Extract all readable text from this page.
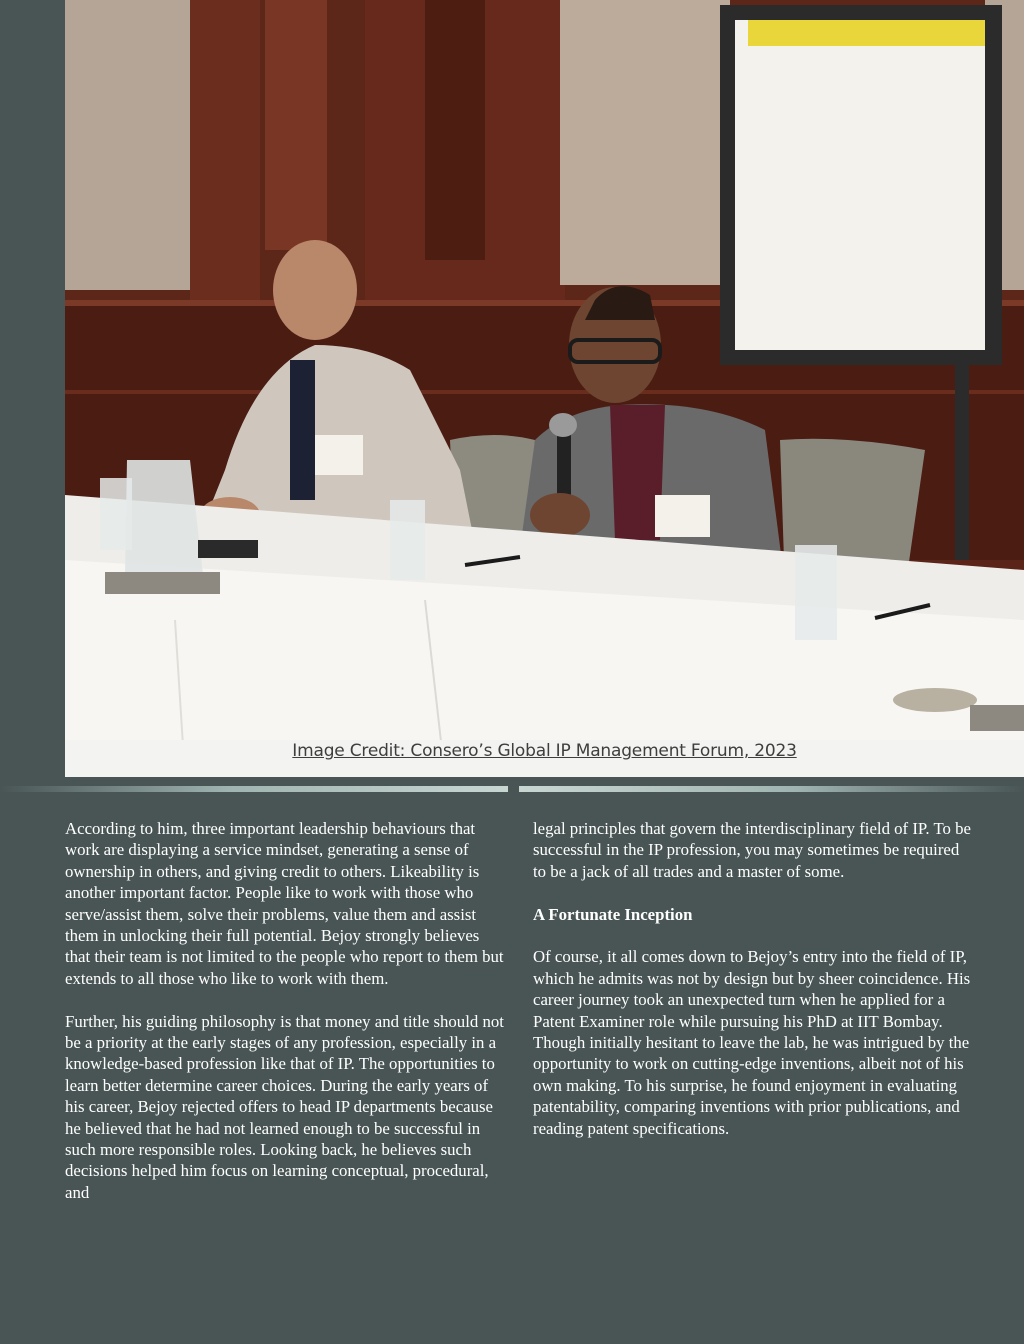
Image Credit: Consero’s Global IP Management Forum, 2023

According to him, three important leadership behaviours that work are displaying a service mindset, generating a sense of ownership in others, and giving credit to others. Likeability is another important factor. People like to work with those who serve/assist them, solve their problems, value them and assist them in unlocking their full potential. Bejoy strongly believes that their team is not limited to the people who report to them but extends to all those who like to work with them.

Further, his guiding philosophy is that money and title should not be a priority at the early stages of any profession, especially in a knowledge-based profession like that of IP. The opportunities to learn better determine career choices. During the early years of his career, Bejoy rejected offers to head IP departments because he believed that he had not learned enough to be successful in such more responsible roles. Looking back, he believes such decisions helped him focus on learning conceptual, procedural, and

legal principles that govern the interdisciplinary field of IP. To be successful in the IP profession, you may sometimes be required to be a jack of all trades and a master of some.

A Fortunate Inception

Of course, it all comes down to Bejoy’s entry into the field of IP, which he admits was not by design but by sheer coincidence. His career journey took an unexpected turn when he applied for a Patent Examiner role while pursuing his PhD at IIT Bombay. Though initially hesitant to leave the lab, he was intrigued by the opportunity to work on cutting-edge inventions, albeit not of his own making. To his surprise, he found enjoyment in evaluating patentability, comparing inventions with prior publications, and reading patent specifications.
